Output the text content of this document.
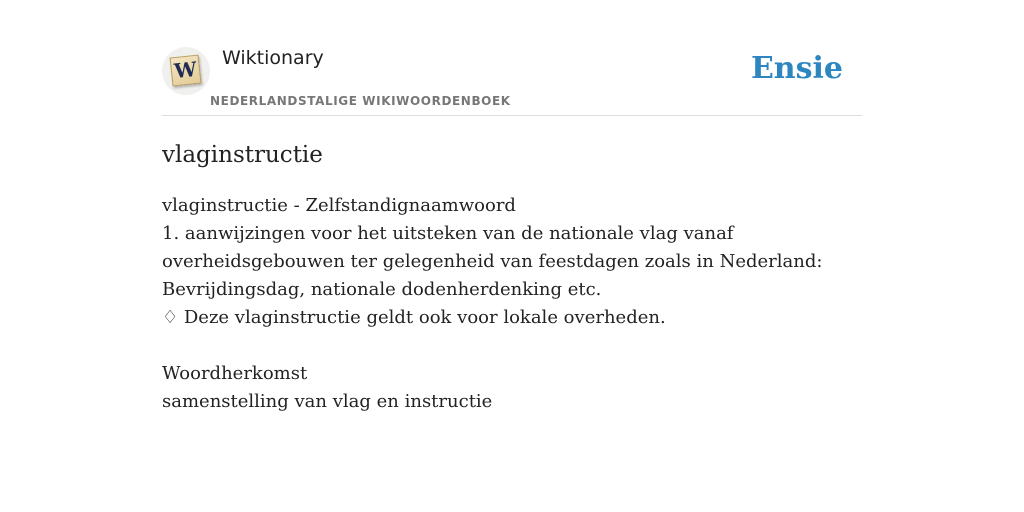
W Wiktionary
NEDERLANDSTALIGE WIKIWOORDENBOEK
Ensie
vlaginstructie
vlaginstructie - Zelfstandignaamwoord
1. aanwijzingen voor het uitsteken van de nationale vlag vanaf
overheidsgebouwen ter gelegenheid van feestdagen zoals in Nederland:
Bevrijdingsdag, nationale dodenherdenking etc.
♢ Deze vlaginstructie geldt ook voor lokale overheden.
Woordherkomst
samenstelling van vlag en instructie
